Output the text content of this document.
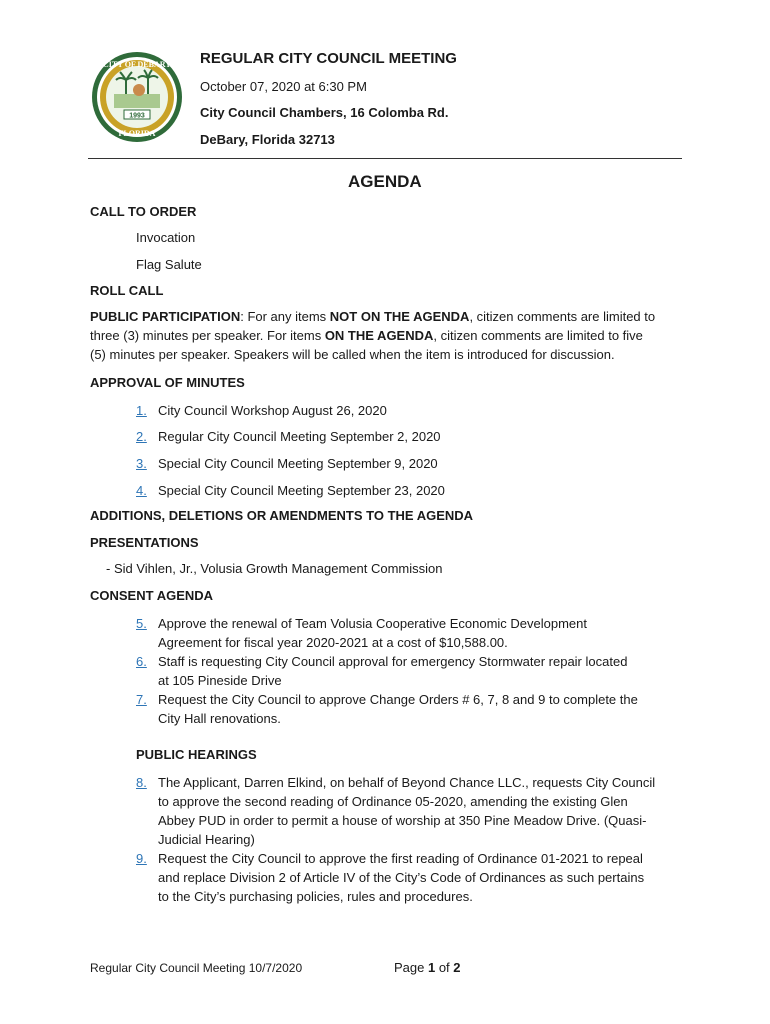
1993
CITY OF DEBARY
FLORIDA
REGULAR CITY COUNCIL MEETING
October 07, 2020 at 6:30 PM
City Council Chambers, 16 Colomba Rd.
DeBary, Florida 32713
AGENDA
CALL TO ORDER
Invocation
Flag Salute
ROLL CALL
PUBLIC PARTICIPATION: For any items NOT ON THE AGENDA, citizen comments are limited to
three (3) minutes per speaker. For items ON THE AGENDA, citizen comments are limited to five
(5) minutes per speaker. Speakers will be called when the item is introduced for discussion.
APPROVAL OF MINUTES
1. City Council Workshop August 26, 2020
2. Regular City Council Meeting September 2, 2020
3. Special City Council Meeting September 9, 2020
4. Special City Council Meeting September 23, 2020
ADDITIONS, DELETIONS OR AMENDMENTS TO THE AGENDA
PRESENTATIONS
- Sid Vihlen, Jr., Volusia Growth Management Commission
CONSENT AGENDA
5. Approve the renewal of Team Volusia Cooperative Economic Development Agreement for fiscal year 2020-2021 at a cost of $10,588.00.
6. Staff is requesting City Council approval for emergency Stormwater repair located at 105 Pineside Drive
7. Request the City Council to approve Change Orders # 6, 7, 8 and 9 to complete the City Hall renovations.
PUBLIC HEARINGS
8. The Applicant, Darren Elkind, on behalf of Beyond Chance LLC., requests City Council to approve the second reading of Ordinance 05-2020, amending the existing Glen Abbey PUD in order to permit a house of worship at 350 Pine Meadow Drive. (Quasi-Judicial Hearing)
9. Request the City Council to approve the first reading of Ordinance 01-2021 to repeal and replace Division 2 of Article IV of the City’s Code of Ordinances as such pertains to the City’s purchasing policies, rules and procedures.
Regular City Council Meeting 10/7/2020	Page 1 of 2
